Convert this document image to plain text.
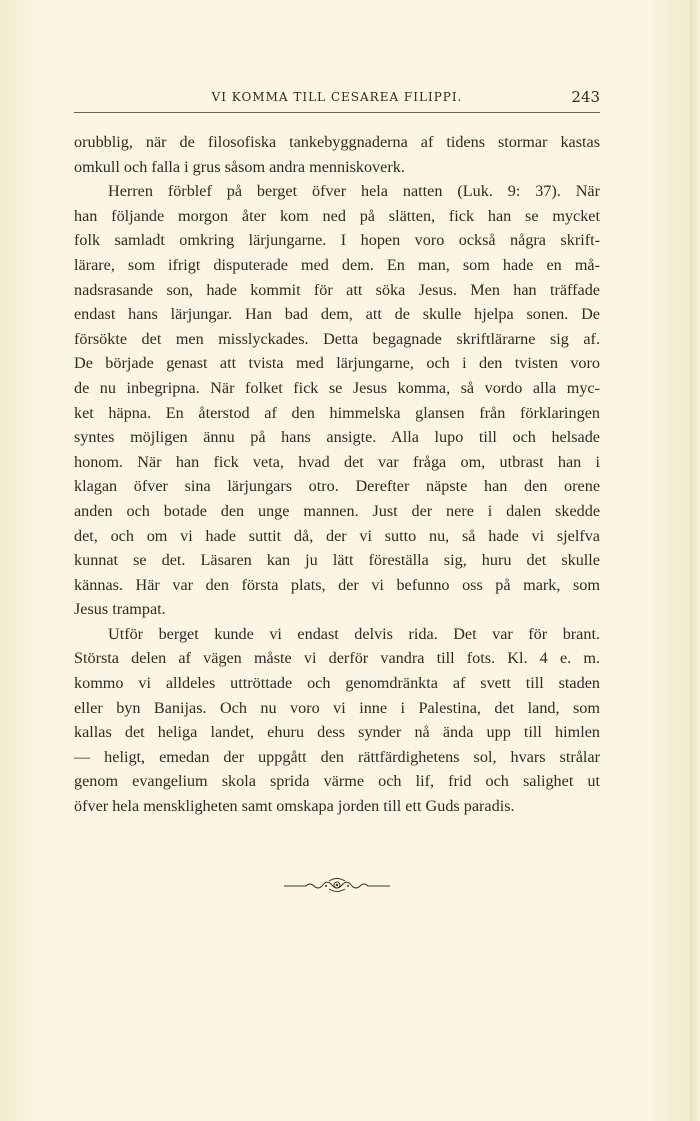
VI KOMMA TILL CESAREA FILIPPI.	243
orubblig, när de filosofiska tankebyggnaderna af tidens stormar kastas
omkull och falla i grus såsom andra menniskoverk.
Herren förblef på berget öfver hela natten (Luk. 9: 37). När
han följande morgon åter kom ned på slätten, fick han se mycket
folk samladt omkring lärjungarne. I hopen voro också några skrift-
lärare, som ifrigt disputerade med dem. En man, som hade en må-
nadsrasande son, hade kommit för att söka Jesus. Men han träffade
endast hans lärjungar. Han bad dem, att de skulle hjelpa sonen. De
försökte det men misslyckades. Detta begagnade skriftlärarne sig af.
De började genast att tvista med lärjungarne, och i den tvisten voro
de nu inbegripna. När folket fick se Jesus komma, så vordo alla myc-
ket häpna. En återstod af den himmelska glansen från förklaringen
syntes möjligen ännu på hans ansigte. Alla lupo till och helsade
honom. När han fick veta, hvad det var fråga om, utbrast han i
klagan öfver sina lärjungars otro. Derefter näpste han den orene
anden och botade den unge mannen. Just der nere i dalen skedde
det, och om vi hade suttit då, der vi sutto nu, så hade vi sjelfva
kunnat se det. Läsaren kan ju lätt föreställa sig, huru det skulle
kännas. Här var den första plats, der vi befunno oss på mark, som
Jesus trampat.
Utför berget kunde vi endast delvis rida. Det var för brant.
Största delen af vägen måste vi derför vandra till fots. Kl. 4 e. m.
kommo vi alldeles uttröttade och genomdränkta af svett till staden
eller byn Banijas. Och nu voro vi inne i Palestina, det land, som
kallas det heliga landet, ehuru dess synder nå ända upp till himlen
— heligt, emedan der uppgått den rättfärdighetens sol, hvars strålar
genom evangelium skola sprida värme och lif, frid och salighet ut
öfver hela menskligheten samt omskapa jorden till ett Guds paradis.
